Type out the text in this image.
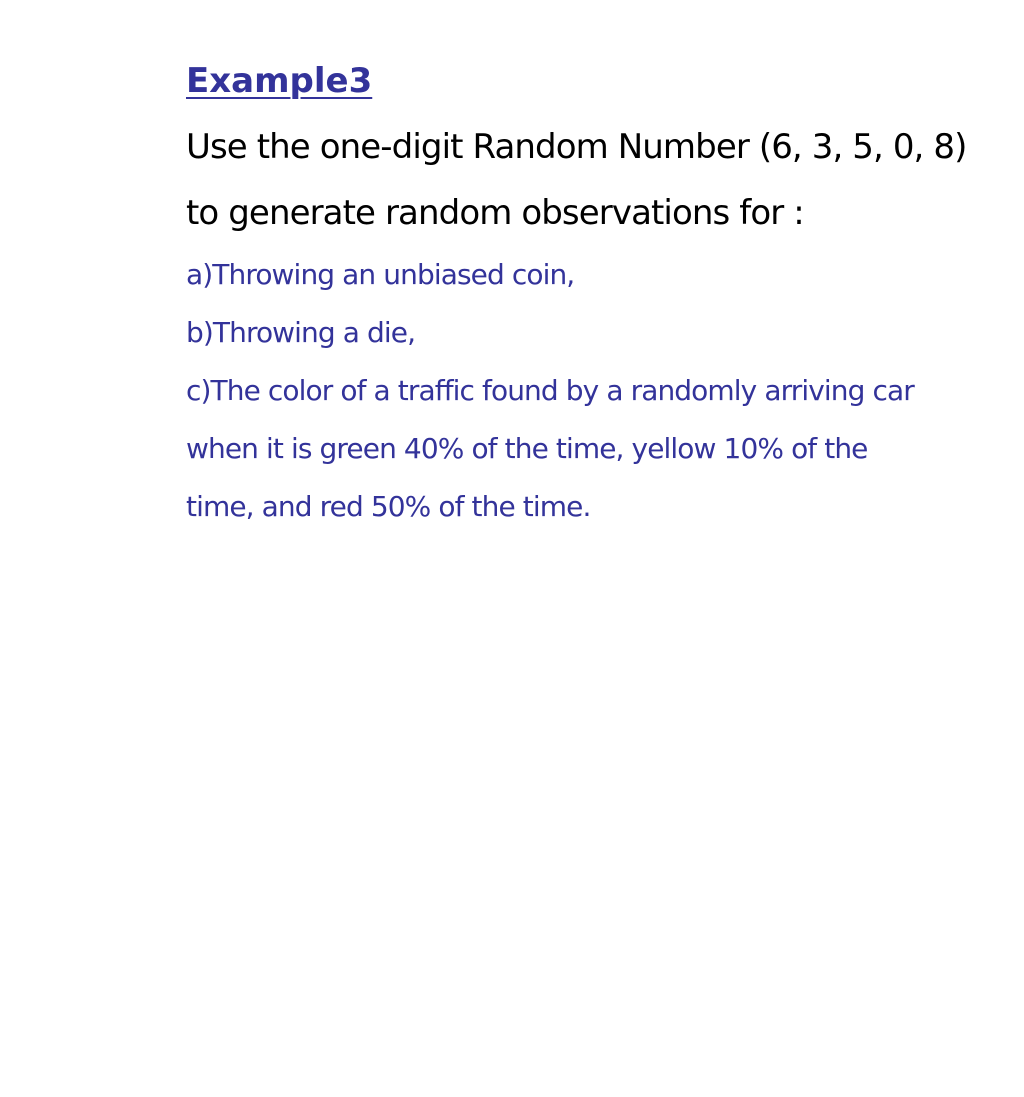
Example3

Use the one-digit Random Number (6, 3, 5, 0, 8)
to generate random observations for :

a)Throwing an unbiased coin,
b)Throwing a die,
c)The color of a traffic found by a randomly arriving car
when it is green 40% of the time, yellow 10% of the
time, and red 50% of the time.
